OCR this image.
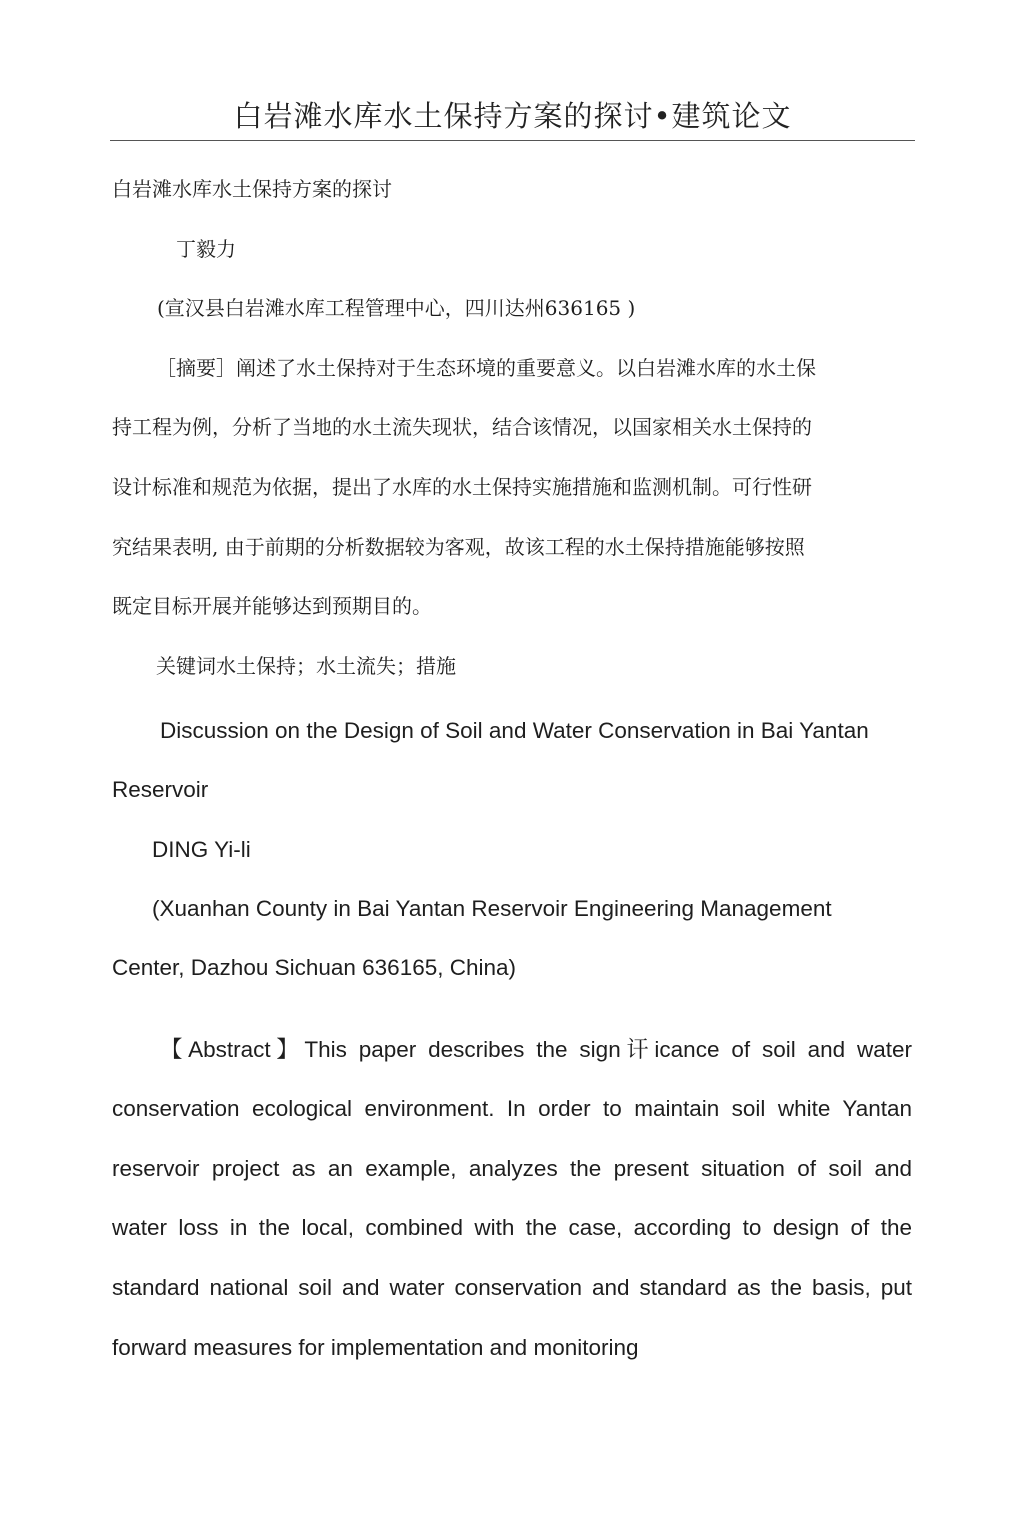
白岩滩水库水土保持方案的探讨•建筑论文
白岩滩水库水土保持方案的探讨
丁毅力
(宣汉县白岩滩水库工程管理中心，四川达州636165 )
［摘要］阐述了水土保持对于生态环境的重要意义。以白岩滩水库的水土保
持工程为例，分析了当地的水土流失现状，结合该情况，以国家相关水土保持的
设计标准和规范为依据，提出了水库的水土保持实施措施和监测机制。可行性研
究结果表明, 由于前期的分析数据较为客观，故该工程的水土保持措施能够按照
既定目标开展并能够达到预期目的。
关键词水土保持；水土流失；措施
Discussion on the Design of Soil and Water Conservation in Bai Yantan
Reservoir
DING Yi-li
(Xuanhan County in Bai Yantan Reservoir Engineering Management
Center, Dazhou Sichuan 636165, China)
【Abstract】This paper describes the sign讦icance of soil and water
conservation ecological environment. In order to maintain soil white Yantan
reservoir project as an example, analyzes the present situation of soil and
water loss in the local, combined with the case, according to design of the
standard national soil and water conservation and standard as the basis, put
forward measures for implementation and monitoring
